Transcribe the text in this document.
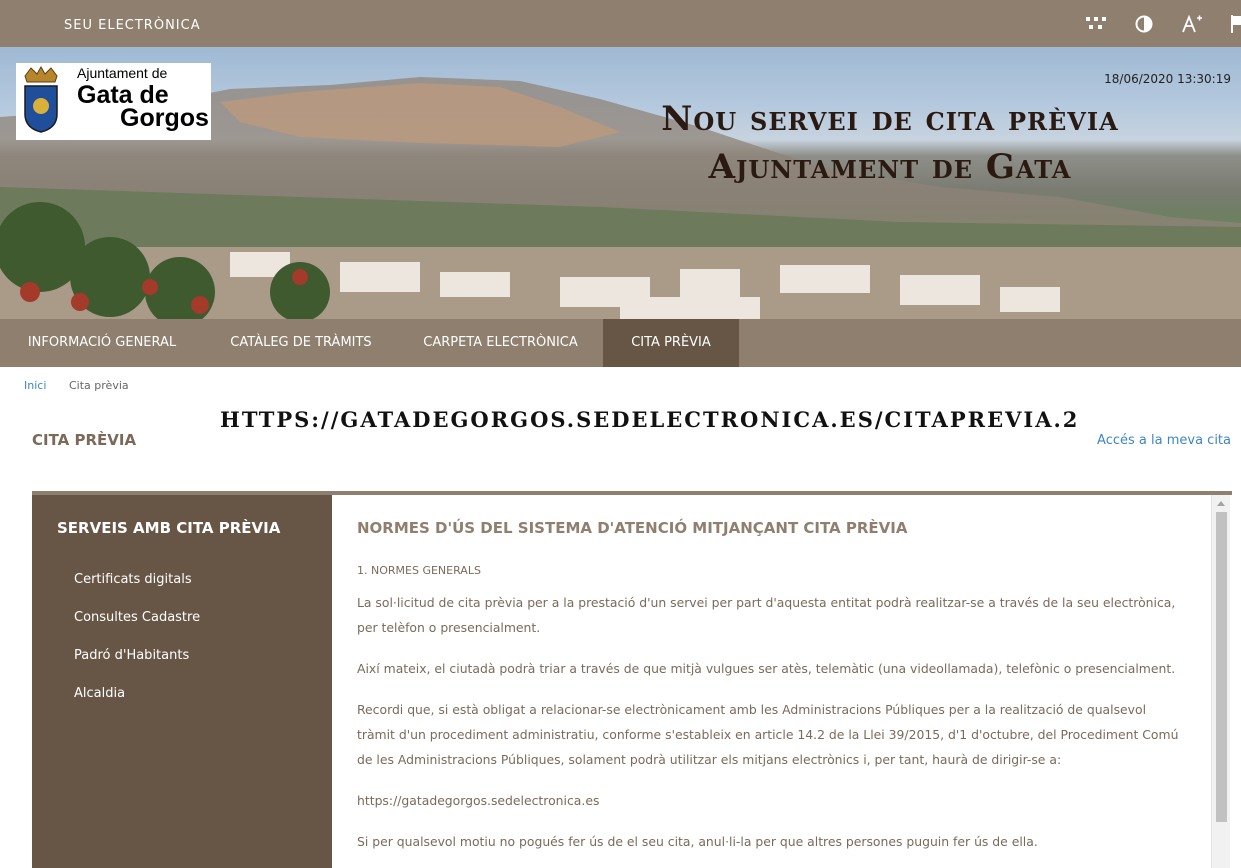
SEU ELECTRÒNICA
Ajuntament de
Gata de
Gorgos
18/06/2020 13:30:19
Nou servei de cita prèvia
Ajuntament de Gata
INFORMACIÓ GENERAL	CATÀLEG DE TRÀMITS	CARPETA ELECTRÒNICA	CITA PRÈVIA
Inici Cita prèvia
HTTPS://GATADEGORGOS.SEDELECTRONICA.ES/CITAPREVIA.2
CITA PRÈVIA	Accés a la meva cita
SERVEIS AMB CITA PRÈVIA
Certificats digitals
Consultes Cadastre
Padró d'Habitants
Alcaldia
NORMES D'ÚS DEL SISTEMA D'ATENCIÓ MITJANÇANT CITA PRÈVIA
1. NORMES GENERALS
La sol·licitud de cita prèvia per a la prestació d'un servei per part d'aquesta entitat podrà realitzar-se a través de la seu electrònica, per telèfon o presencialment.
Així mateix, el ciutadà podrà triar a través de que mitjà vulgues ser atès, telemàtic (una videollamada), telefònic o presencialment.
Recordi que, si està obligat a relacionar-se electrònicament amb les Administracions Públiques per a la realització de qualsevol tràmit d'un procediment administratiu, conforme s'estableix en article 14.2 de la Llei 39/2015, d'1 d'octubre, del Procediment Comú de les Administracions Públiques, solament podrà utilitzar els mitjans electrònics i, per tant, haurà de dirigir-se a:
https://gatadegorgos.sedelectronica.es
Si per qualsevol motiu no pogués fer ús de el seu cita, anul·li-la per que altres persones puguin fer ús de ella.
